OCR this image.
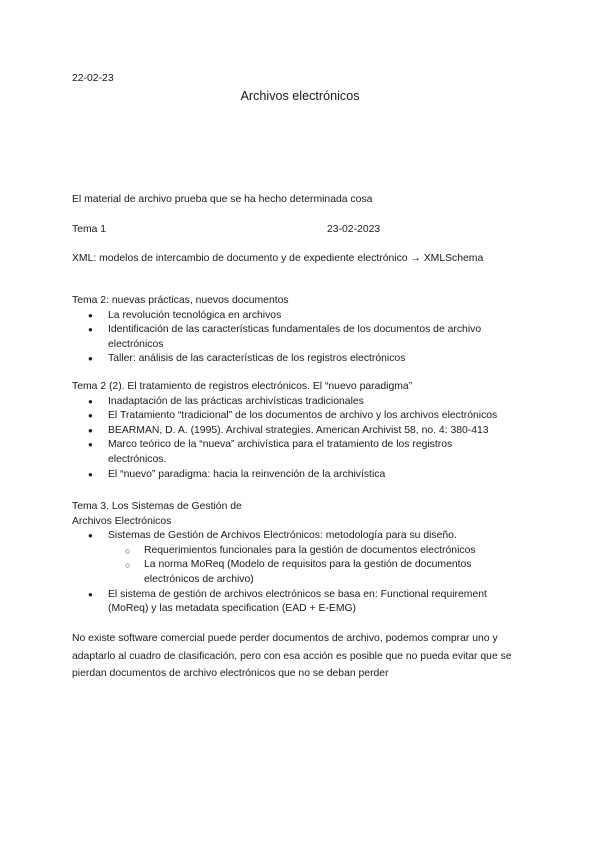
22-02-23
Archivos electrónicos
El material de archivo prueba que se ha hecho determinada cosa
Tema 1	23-02-2023
XML: modelos de intercambio de documento y de expediente electrónico → XMLSchema
Tema 2: nuevas prácticas, nuevos documentos
● La revolución tecnológica en archivos
● Identificación de las características fundamentales de los documentos de archivo electrónicos
● Taller: análisis de las características de los registros electrónicos
Tema 2 (2). El tratamiento de registros electrónicos. El “nuevo paradigma”
● Inadaptación de las prácticas archivísticas tradicionales
● El Tratamiento “tradicional” de los documentos de archivo y los archivos electrónicos
● BEARMAN, D. A. (1995). Archival strategies. American Archivist 58, no. 4: 380-413
● Marco teórico de la “nueva” archivística para el tratamiento de los registros electrónicos.
● El “nuevo” paradigma: hacia la reinvención de la archivística
Tema 3. Los Sistemas de Gestión de
Archivos Electrónicos
● Sistemas de Gestión de Archivos Electrónicos: metodología para su diseño.
○ Requerimientos funcionales para la gestión de documentos electrónicos
○ La norma MoReq (Modelo de requisitos para la gestión de documentos electrónicos de archivo)
● El sistema de gestión de archivos electrónicos se basa en: Functional requirement (MoReq) y las metadata specification (EAD + E-EMG)
No existe software comercial puede perder documentos de archivo, podemos comprar uno y adaptarlo al cuadro de clasificación, pero con esa acción es posible que no pueda evitar que se pierdan documentos de archivo electrónicos que no se deban perder
